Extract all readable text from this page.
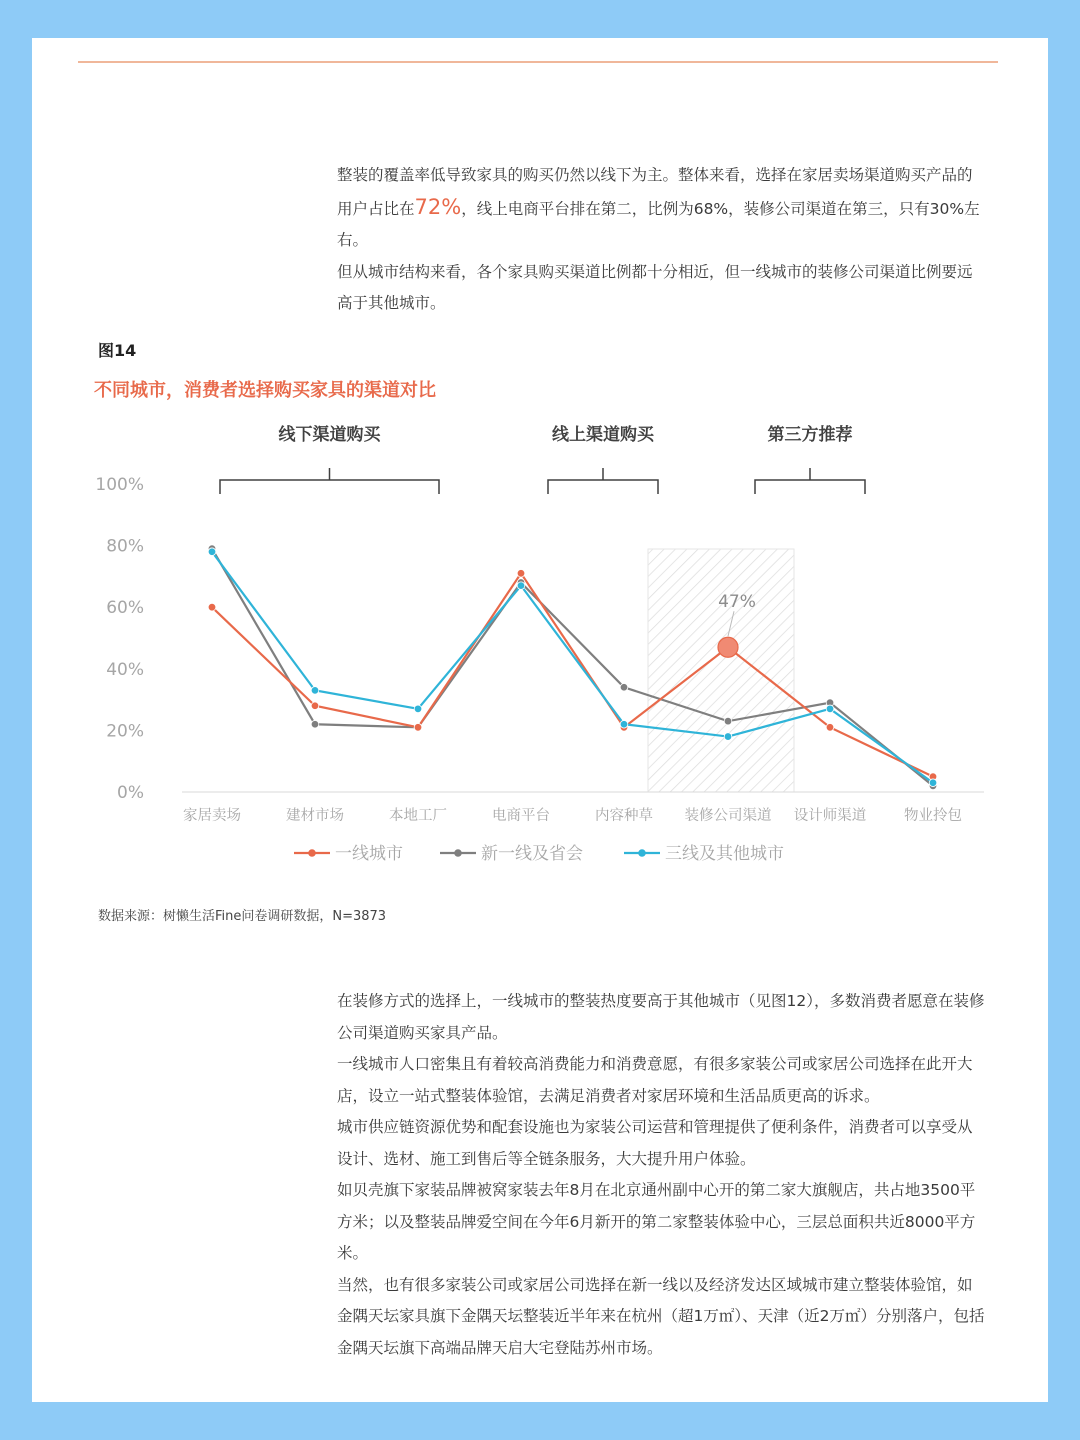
整装的覆盖率低导致家具的购买仍然以线下为主。整体来看，选择在家居卖场渠道购买产品的用户占比在72%，线上电商平台排在第二，比例为68%，装修公司渠道在第三，只有30%左右。

但从城市结构来看，各个家具购买渠道比例都十分相近，但一线城市的装修公司渠道比例要远高于其他城市。

图14
不同城市，消费者选择购买家具的渠道对比
0%
20%
40%
60%
80%
100%
家居卖场	建材市场	本地工厂	电商平台	内容种草 装修公司渠道 设计师渠道	物业拎包
线下渠道购买	线上渠道购买	第三方推荐
47%
一线城市	新一线及省会	三线及其他城市
数据来源：树懒生活Fine问卷调研数据，N=3873

在装修方式的选择上，一线城市的整装热度要高于其他城市（见图12），多数消费者愿意在装修公司渠道购买家具产品。

一线城市人口密集且有着较高消费能力和消费意愿，有很多家装公司或家居公司选择在此开大店，设立一站式整装体验馆，去满足消费者对家居环境和生活品质更高的诉求。

城市供应链资源优势和配套设施也为家装公司运营和管理提供了便利条件，消费者可以享受从设计、选材、施工到售后等全链条服务，大大提升用户体验。

如贝壳旗下家装品牌被窝家装去年8月在北京通州副中心开的第二家大旗舰店，共占地3500平方米；以及整装品牌爱空间在今年6月新开的第二家整装体验中心，三层总面积共近8000平方米。

当然，也有很多家装公司或家居公司选择在新一线以及经济发达区域城市建立整装体验馆，如金隅天坛家具旗下金隅天坛整装近半年来在杭州（超1万㎡）、天津（近2万㎡）分别落户，包括金隅天坛旗下高端品牌天启大宅登陆苏州市场。
